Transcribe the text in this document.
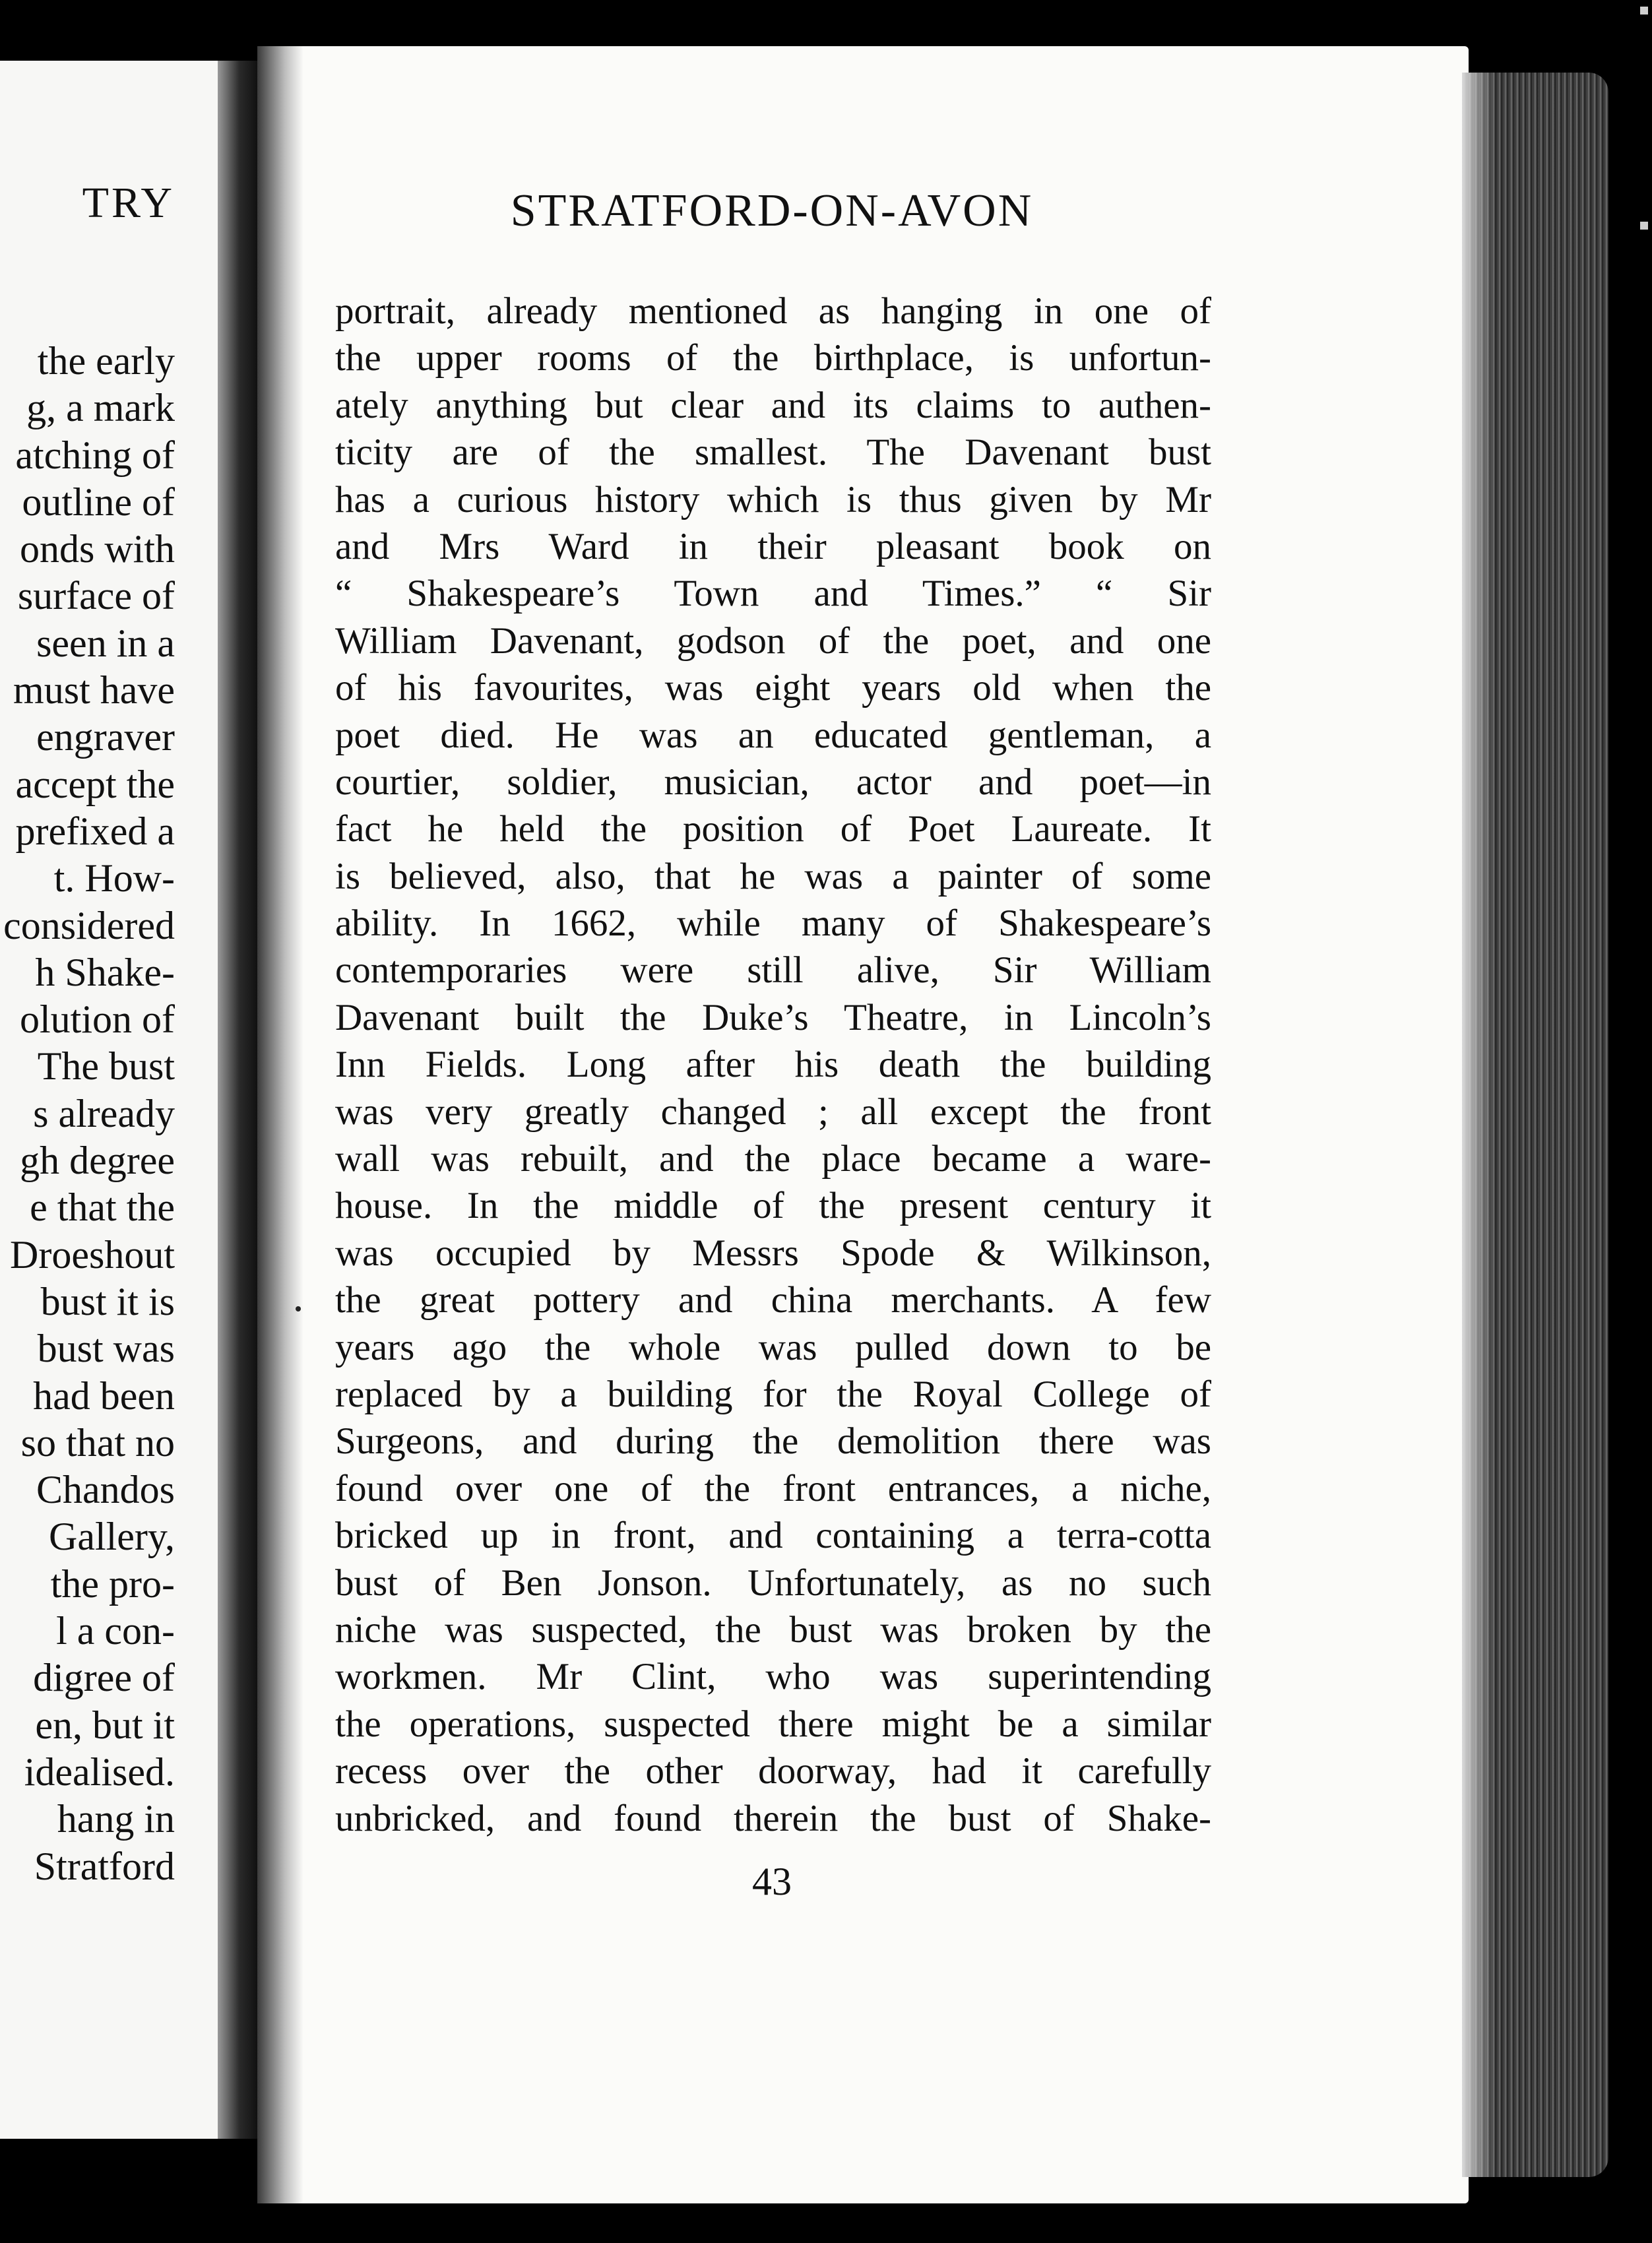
TRY
the early
g, a mark
atching of
outline of
onds with
surface of
seen in a
must have
engraver
accept the
prefixed a
t. How-
considered
h Shake-
olution of
The bust
s already
gh degree
e that the
Droeshout
bust it is
bust was
had been
so that no
Chandos
Gallery,
the pro-
l a con-
digree of
en, but it
idealised.
hang in
Stratford
STRATFORD-ON-AVON
portrait, already mentioned as hanging in one of
the upper rooms of the birthplace, is unfortun-
ately anything but clear and its claims to authen-
ticity are of the smallest. The Davenant bust
has a curious history which is thus given by Mr
and Mrs Ward in their pleasant book on
“ Shakespeare’s Town and Times.” “ Sir
William Davenant, godson of the poet, and one
of his favourites, was eight years old when the
poet died. He was an educated gentleman, a
courtier, soldier, musician, actor and poet—in
fact he held the position of Poet Laureate. It
is believed, also, that he was a painter of some
ability. In 1662, while many of Shakespeare’s
contemporaries were still alive, Sir William
Davenant built the Duke’s Theatre, in Lincoln’s
Inn Fields. Long after his death the building
was very greatly changed ; all except the front
wall was rebuilt, and the place became a ware-
house. In the middle of the present century it
was occupied by Messrs Spode & Wilkinson,
the great pottery and china merchants. A few
years ago the whole was pulled down to be
replaced by a building for the Royal College of
Surgeons, and during the demolition there was
found over one of the front entrances, a niche,
bricked up in front, and containing a terra-cotta
bust of Ben Jonson. Unfortunately, as no such
niche was suspected, the bust was broken by the
workmen. Mr Clint, who was superintending
the operations, suspected there might be a similar
recess over the other doorway, had it carefully
unbricked, and found therein the bust of Shake-
43
